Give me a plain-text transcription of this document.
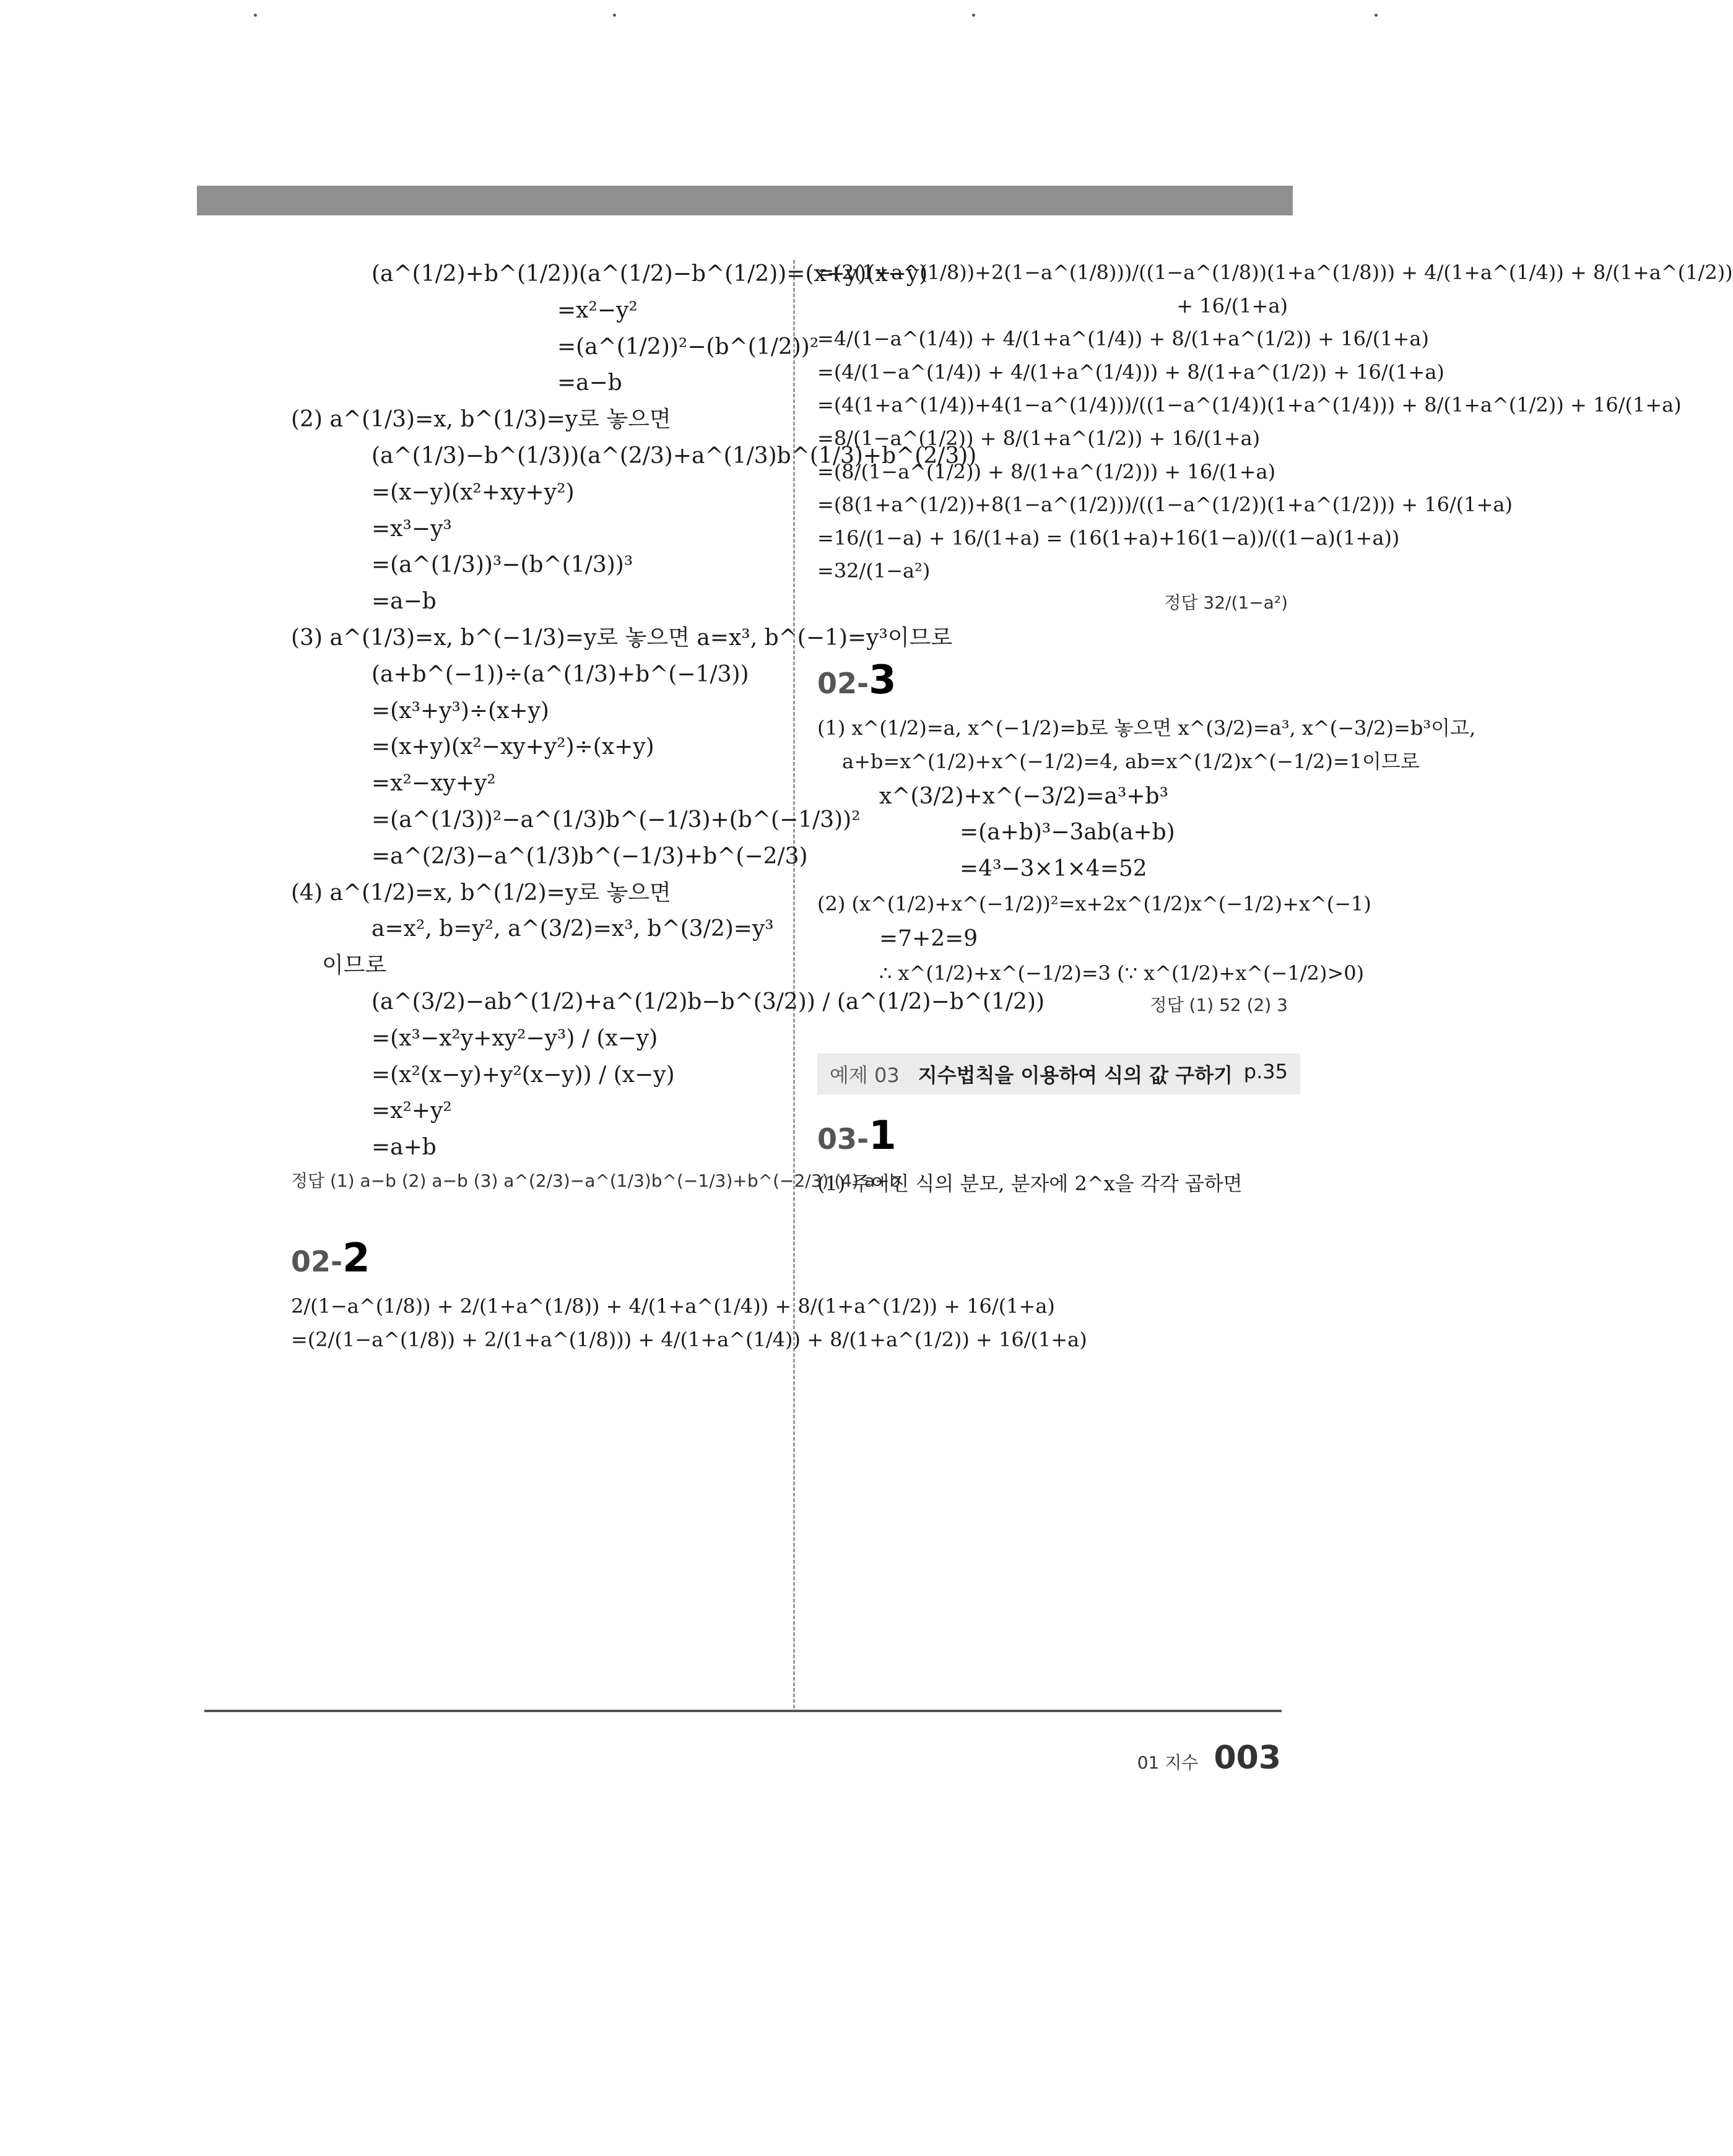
(a^(1/2)+b^(1/2))(a^(1/2)−b^(1/2))=(x+y)(x−y)
=x²−y²
=(a^(1/2))²−(b^(1/2))²
=a−b
(2) a^(1/3)=x, b^(1/3)=y로 놓으면
(a^(1/3)−b^(1/3))(a^(2/3)+a^(1/3)b^(1/3)+b^(2/3))
=(x−y)(x²+xy+y²)
=x³−y³
=(a^(1/3))³−(b^(1/3))³
=a−b
(3) a^(1/3)=x, b^(−1/3)=y로 놓으면 a=x³, b^(−1)=y³이므로
(a+b^(−1))÷(a^(1/3)+b^(−1/3))
=(x³+y³)÷(x+y)
=(x+y)(x²−xy+y²)÷(x+y)
=x²−xy+y²
=(a^(1/3))²−a^(1/3)b^(−1/3)+(b^(−1/3))²
=a^(2/3)−a^(1/3)b^(−1/3)+b^(−2/3)
(4) a^(1/2)=x, b^(1/2)=y로 놓으면
a=x², b=y², a^(3/2)=x³, b^(3/2)=y³
이므로
(a^(3/2)−ab^(1/2)+a^(1/2)b−b^(3/2)) / (a^(1/2)−b^(1/2))
=(x³−x²y+xy²−y³) / (x−y)
=(x²(x−y)+y²(x−y)) / (x−y)
=x²+y²
=a+b
정답 (1) a−b (2) a−b (3) a^(2/3)−a^(1/3)b^(−1/3)+b^(−2/3) (4) a+b
02-2
2/(1−a^(1/8)) + 2/(1+a^(1/8)) + 4/(1+a^(1/4)) + 8/(1+a^(1/2)) + 16/(1+a)
=(2/(1−a^(1/8)) + 2/(1+a^(1/8))) + 4/(1+a^(1/4)) + 8/(1+a^(1/2)) + 16/(1+a)
=(2(1+a^(1/8))+2(1−a^(1/8)))/((1−a^(1/8))(1+a^(1/8))) + 4/(1+a^(1/4)) + 8/(1+a^(1/2))
+ 16/(1+a)
=4/(1−a^(1/4)) + 4/(1+a^(1/4)) + 8/(1+a^(1/2)) + 16/(1+a)
=(4/(1−a^(1/4)) + 4/(1+a^(1/4))) + 8/(1+a^(1/2)) + 16/(1+a)
=(4(1+a^(1/4))+4(1−a^(1/4)))/((1−a^(1/4))(1+a^(1/4))) + 8/(1+a^(1/2)) + 16/(1+a)
=8/(1−a^(1/2)) + 8/(1+a^(1/2)) + 16/(1+a)
=(8/(1−a^(1/2)) + 8/(1+a^(1/2))) + 16/(1+a)
=(8(1+a^(1/2))+8(1−a^(1/2)))/((1−a^(1/2))(1+a^(1/2))) + 16/(1+a)
=16/(1−a) + 16/(1+a) = (16(1+a)+16(1−a))/((1−a)(1+a))
=32/(1−a²)
정답 32/(1−a²)
02-3
(1) x^(1/2)=a, x^(−1/2)=b로 놓으면 x^(3/2)=a³, x^(−3/2)=b³이고,
a+b=x^(1/2)+x^(−1/2)=4, ab=x^(1/2)x^(−1/2)=1이므로
x^(3/2)+x^(−3/2)=a³+b³
=(a+b)³−3ab(a+b)
=4³−3×1×4=52
(2) (x^(1/2)+x^(−1/2))²=x+2x^(1/2)x^(−1/2)+x^(−1)
=7+2=9
∴ x^(1/2)+x^(−1/2)=3 (∵ x^(1/2)+x^(−1/2)>0)
정답 (1) 52 (2) 3
예제 03 지수법칙을 이용하여 식의 값 구하기 p.35
03-1
(1) 주어진 식의 분모, 분자에 2^x을 각각 곱하면
01 지수 003
